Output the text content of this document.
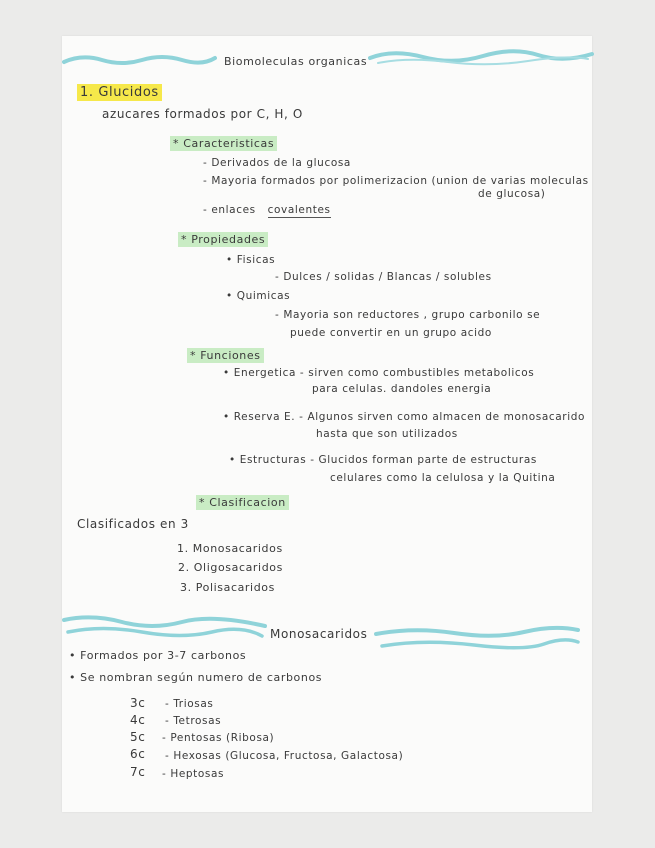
Biomoleculas organicas
1. Glucidos
azucares formados por C, H, O
* Caracteristicas
- Derivados de la glucosa
- Mayoria formados por polimerizacion (union de varias moleculas
de glucosa)
- enlaces covalentes
* Propiedades
• Fisicas
- Dulces / solidas / Blancas / solubles
• Quimicas
- Mayoria son reductores , grupo carbonilo se
puede convertir en un grupo acido
* Funciones
• Energetica - sirven como combustibles metabolicos
para celulas. dandoles energia
• Reserva E. - Algunos sirven como almacen de monosacarido
hasta que son utilizados
• Estructuras - Glucidos forman parte de estructuras
celulares como la celulosa y la Quitina
* Clasificacion
Clasificados en 3
1. Monosacaridos
2. Oligosacaridos
3. Polisacaridos
Monosacaridos
• Formados por 3-7 carbonos
• Se nombran según numero de carbonos
3c - Triosas
4c - Tetrosas
5c - Pentosas (Ribosa)
6c - Hexosas (Glucosa, Fructosa, Galactosa)
7c - Heptosas
